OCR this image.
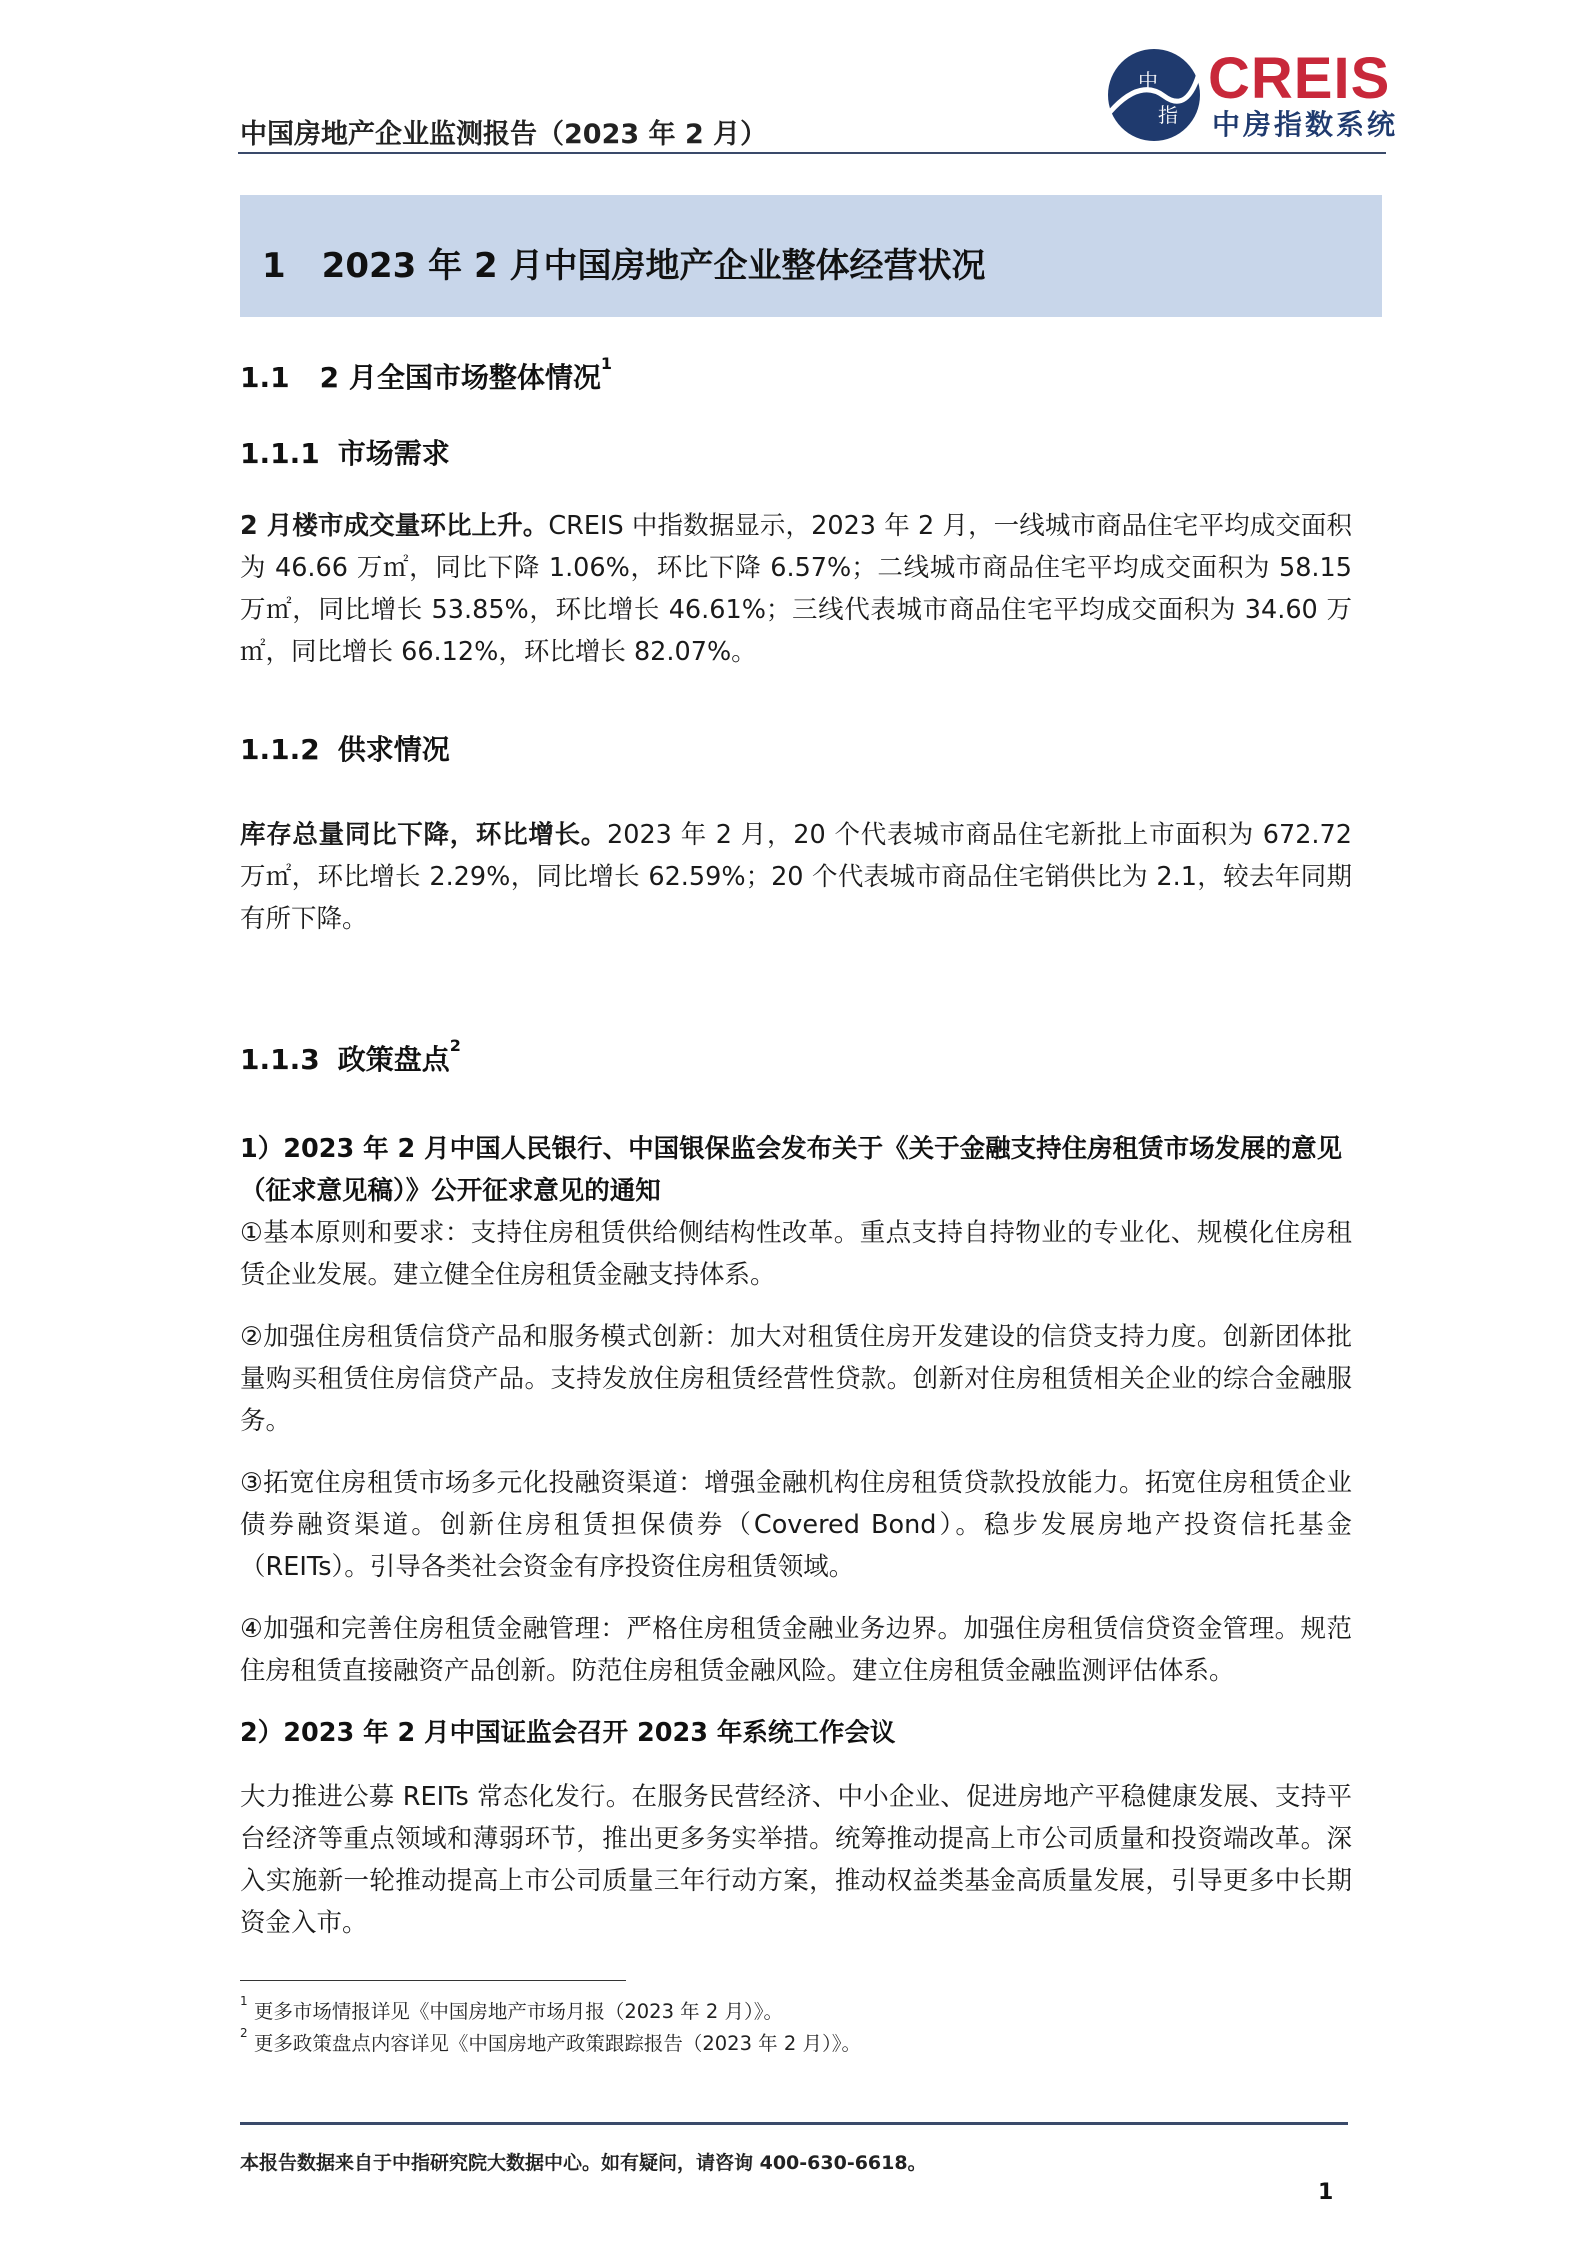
中国房地产企业监测报告（2023 年 2 月）
中
指
CREIS
中房指数系统
1 2023 年 2 月中国房地产企业整体经营状况
1.1 2 月全国市场整体情况$^1$
1.1.1 市场需求
2 月楼市成交量环比上升。CREIS 中指数据显示，2023 年 2 月，一线城市商品住宅平均成交面积为 46.66 万㎡，同比下降 1.06%，环比下降 6.57%；二线城市商品住宅平均成交面积为 58.15 万㎡，同比增长 53.85%，环比增长 46.61%；三线代表城市商品住宅平均成交面积为 34.60 万㎡，同比增长 66.12%，环比增长 82.07%。
1.1.2 供求情况
库存总量同比下降，环比增长。2023 年 2 月，20 个代表城市商品住宅新批上市面积为 672.72 万㎡，环比增长 2.29%，同比增长 62.59%；20 个代表城市商品住宅销供比为 2.1，较去年同期有所下降。
1.1.3 政策盘点$^2$
1）2023 年 2 月中国人民银行、中国银保监会发布关于《关于金融支持住房租赁市场发展的意见（征求意见稿）》公开征求意见的通知
①基本原则和要求：支持住房租赁供给侧结构性改革。重点支持自持物业的专业化、规模化住房租赁企业发展。建立健全住房租赁金融支持体系。
②加强住房租赁信贷产品和服务模式创新：加大对租赁住房开发建设的信贷支持力度。创新团体批量购买租赁住房信贷产品。支持发放住房租赁经营性贷款。创新对住房租赁相关企业的综合金融服务。
③拓宽住房租赁市场多元化投融资渠道：增强金融机构住房租赁贷款投放能力。拓宽住房租赁企业债券融资渠道。创新住房租赁担保债券（Covered Bond）。稳步发展房地产投资信托基金（REITs）。引导各类社会资金有序投资住房租赁领域。
④加强和完善住房租赁金融管理：严格住房租赁金融业务边界。加强住房租赁信贷资金管理。规范住房租赁直接融资产品创新。防范住房租赁金融风险。建立住房租赁金融监测评估体系。
2）2023 年 2 月中国证监会召开 2023 年系统工作会议
大力推进公募 REITs 常态化发行。在服务民营经济、中小企业、促进房地产平稳健康发展、支持平台经济等重点领域和薄弱环节，推出更多务实举措。统筹推动提高上市公司质量和投资端改革。深入实施新一轮推动提高上市公司质量三年行动方案，推动权益类基金高质量发展，引导更多中长期资金入市。
$^1$ 更多市场情报详见《中国房地产市场月报（2023 年 2 月）》。
$^2$ 更多政策盘点内容详见《中国房地产政策跟踪报告（2023 年 2 月）》。
本报告数据来自于中指研究院大数据中心。如有疑问，请咨询 400-630-6618。
1
